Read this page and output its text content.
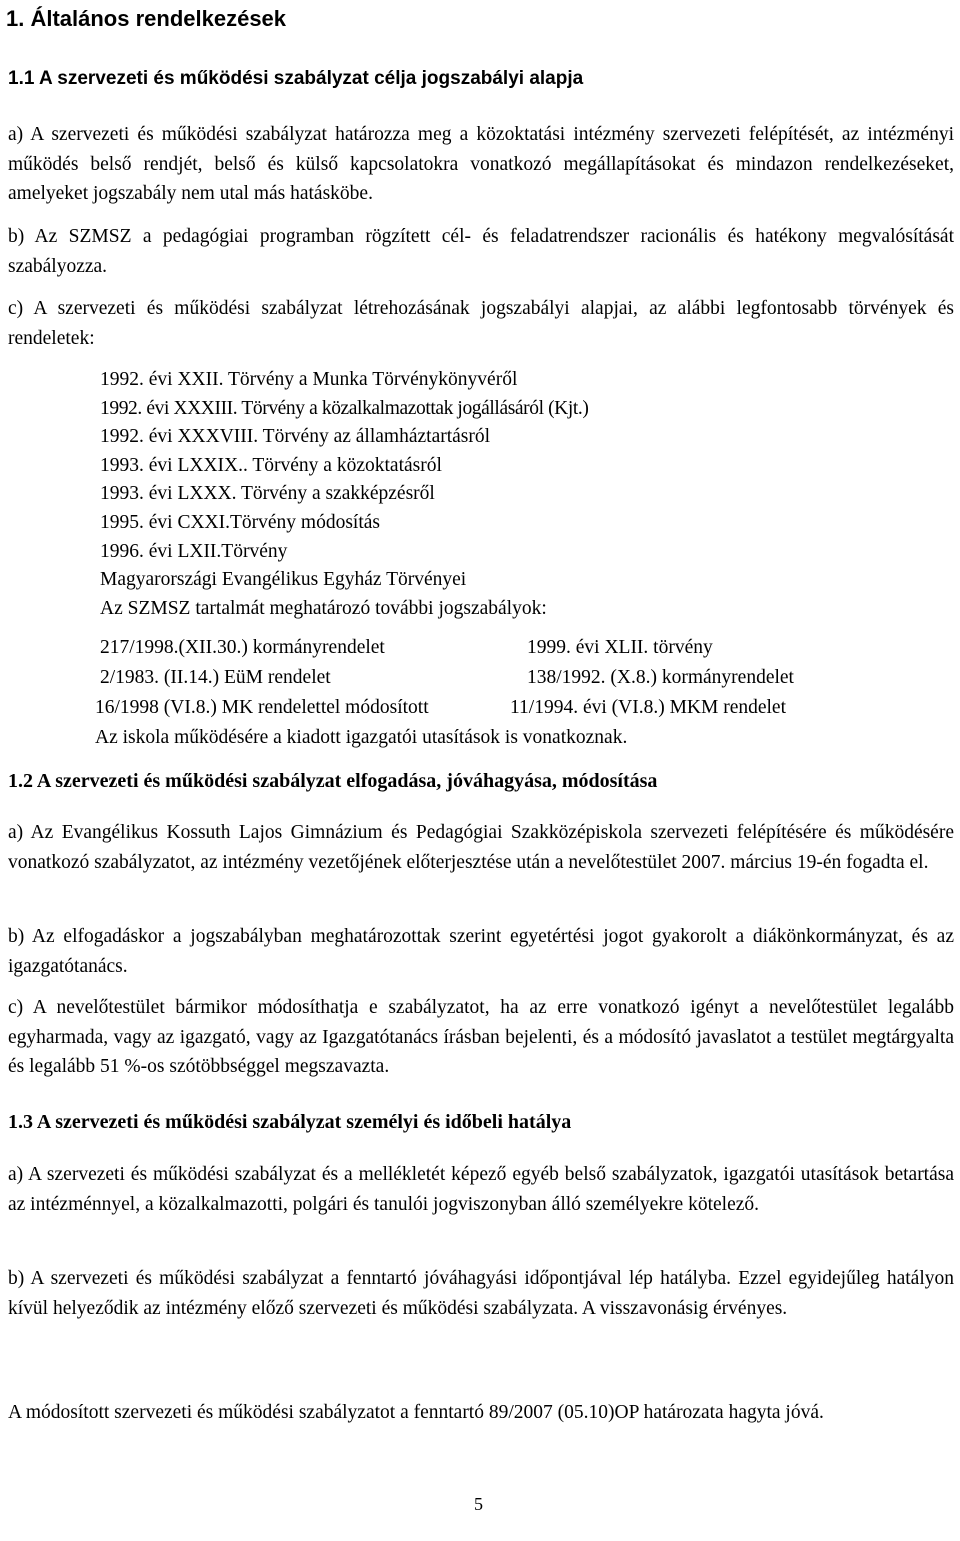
1. Általános rendelkezések
1.1 A szervezeti és működési szabályzat célja jogszabályi alapja

a) A szervezeti és működési szabályzat határozza meg a közoktatási intézmény szervezeti felépítését, az intézményi működés belső rendjét, belső és külső kapcsolatokra vonatkozó megállapításokat és mindazon rendelkezéseket, amelyeket jogszabály nem utal más hatásköbe.

b) Az SZMSZ a pedagógiai programban rögzített cél- és feladatrendszer racionális és hatékony megvalósítását szabályozza.

c) A szervezeti és működési szabályzat létrehozásának jogszabályi alapjai, az alábbi legfontosabb törvények és rendeletek:

1992. évi XXII. Törvény a Munka Törvénykönyvéről
1992. évi XXXIII. Törvény a közalkalmazottak jogállásáról (Kjt.)
1992. évi XXXVIII. Törvény az államháztartásról
1993. évi LXXIX.. Törvény a közoktatásról
1993. évi LXXX. Törvény a szakképzésről
1995. évi CXXI.Törvény módosítás
1996. évi LXII.Törvény
Magyarországi Evangélikus Egyház Törvényei
Az SZMSZ tartalmát meghatározó további jogszabályok:
217/1998.(XII.30.) kormányrendelet	1999. évi XLII. törvény
2/1983. (II.14.) EüM rendelet	138/1992. (X.8.) kormányrendelet
16/1998 (VI.8.) MK rendelettel módosított	11/1994. évi (VI.8.) MKM rendelet
Az iskola működésére a kiadott igazgatói utasítások is vonatkoznak.
1.2 A szervezeti és működési szabályzat elfogadása, jóváhagyása, módosítása

a) Az Evangélikus Kossuth Lajos Gimnázium és Pedagógiai Szakközépiskola szervezeti felépítésére és működésére vonatkozó szabályzatot, az intézmény vezetőjének előterjesztése után a nevelőtestület 2007. március 19-én fogadta el.

b) Az elfogadáskor a jogszabályban meghatározottak szerint egyetértési jogot gyakorolt a diákönkormányzat, és az igazgatótanács.

c) A nevelőtestület bármikor módosíthatja e szabályzatot, ha az erre vonatkozó igényt a nevelőtestület legalább egyharmada, vagy az igazgató, vagy az Igazgatótanács írásban bejelenti, és a módosító javaslatot a testület megtárgyalta és legalább 51 %-os szótöbbséggel megszavazta.

1.3 A szervezeti és működési szabályzat személyi és időbeli hatálya

a) A szervezeti és működési szabályzat és a mellékletét képező egyéb belső szabályzatok, igazgatói utasítások betartása az intézménnyel, a közalkalmazotti, polgári és tanulói jogviszonyban álló személyekre kötelező.

b) A szervezeti és működési szabályzat a fenntartó jóváhagyási időpontjával lép hatályba. Ezzel egyidejűleg hatályon kívül helyeződik az intézmény előző szervezeti és működési szabályzata. A visszavonásig érvényes.

A módosított szervezeti és működési szabályzatot a fenntartó 89/2007 (05.10)OP határozata hagyta jóvá.

5
